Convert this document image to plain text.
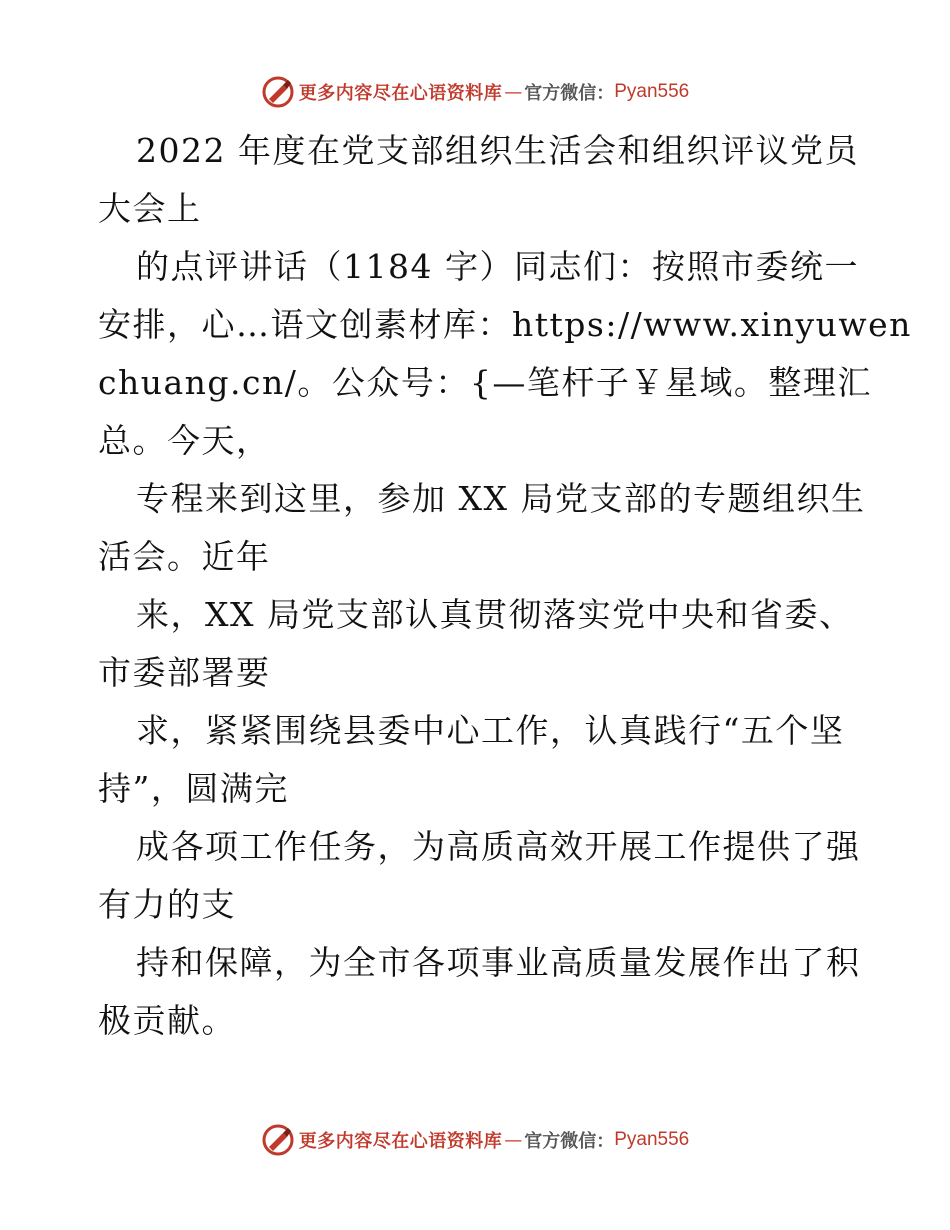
更多内容尽在心语资料库 — 官方微信： Pyan556
2022 年度在党支部组织生活会和组织评议党员
大会上
的点评讲话（1184 字）同志们：按照市委统一
安排，心…语文创素材库：https://www.xinyuwen
chuang.cn/。公众号：{—笔杆子￥星域。整理汇
总。今天，
专程来到这里，参加 XX 局党支部的专题组织生
活会。近年
来，XX 局党支部认真贯彻落实党中央和省委、
市委部署要
求，紧紧围绕县委中心工作，认真践行“五个坚
持”，圆满完
成各项工作任务，为高质高效开展工作提供了强
有力的支
持和保障，为全市各项事业高质量发展作出了积
极贡献。
更多内容尽在心语资料库 — 官方微信： Pyan556
